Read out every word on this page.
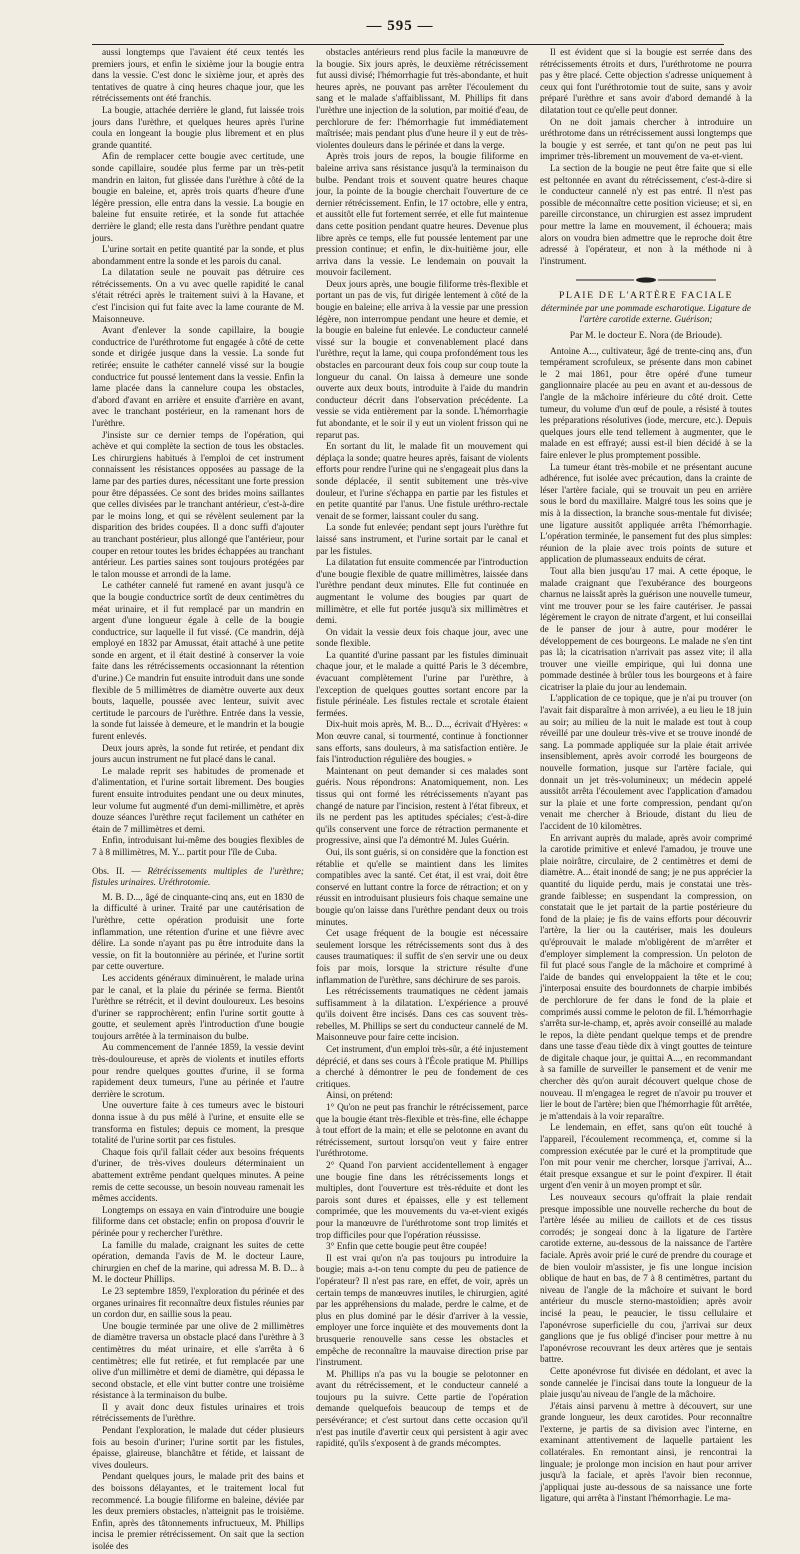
— 595 —

aussi longtemps que l'avaient été ceux tentés les premiers jours, et enfin le sixième jour la bougie entra dans la vessie. C'est donc le sixième jour, et après des tentatives de quatre à cinq heures chaque jour, que les rétrécissements ont été franchis.

La bougie, attachée derrière le gland, fut laissée trois jours dans l'urèthre, et quelques heures après l'urine coula en longeant la bougie plus librement et en plus grande quantité.

Afin de remplacer cette bougie avec certitude, une sonde capillaire, soudée plus ferme par un très-petit mandrin en laiton, fut glissée dans l'urèthre à côté de la bougie en baleine, et, après trois quarts d'heure d'une légère pression, elle entra dans la vessie. La bougie en baleine fut ensuite retirée, et la sonde fut attachée derrière le gland; elle resta dans l'urèthre pendant quatre jours.

L'urine sortait en petite quantité par la sonde, et plus abondamment entre la sonde et les parois du canal.

La dilatation seule ne pouvait pas détruire ces rétrécissements. On a vu avec quelle rapidité le canal s'était rétréci après le traitement suivi à la Havane, et c'est l'incision qui fut faite avec la lame courante de M. Maisonneuve.

Avant d'enlever la sonde capillaire, la bougie conductrice de l'uréthrotome fut engagée à côté de cette sonde et dirigée jusque dans la vessie. La sonde fut retirée; ensuite le cathéter cannelé vissé sur la bougie conductrice fut poussé lentement dans la vessie. Enfin la lame placée dans la cannelure coupa les obstacles, d'abord d'avant en arrière et ensuite d'arrière en avant, avec le tranchant postérieur, en la ramenant hors de l'urèthre.

J'insiste sur ce dernier temps de l'opération, qui achève et qui complète la section de tous les obstacles. Les chirurgiens habitués à l'emploi de cet instrument connaissent les résistances opposées au passage de la lame par des parties dures, nécessitant une forte pression pour être dépassées. Ce sont des brides moins saillantes que celles divisées par le tranchant antérieur, c'est-à-dire par le moins long, et qui se révèlent seulement par la disparition des brides coupées. Il a donc suffi d'ajouter au tranchant postérieur, plus allongé que l'antérieur, pour couper en retour toutes les brides échappées au tranchant antérieur. Les parties saines sont toujours protégées par le talon mousse et arrondi de la lame.

Le cathéter cannelé fut ramené en avant jusqu'à ce que la bougie conductrice sortît de deux centimètres du méat urinaire, et il fut remplacé par un mandrin en argent d'une longueur égale à celle de la bougie conductrice, sur laquelle il fut vissé. (Ce mandrin, déjà employé en 1832 par Amussat, était attaché à une petite sonde en argent, et il était destiné à conserver la voie faite dans les rétrécissements occasionnant la rétention d'urine.) Ce mandrin fut ensuite introduit dans une sonde flexible de 5 millimètres de diamètre ouverte aux deux bouts, laquelle, poussée avec lenteur, suivit avec certitude le parcours de l'urèthre. Entrée dans la vessie, la sonde fut laissée à demeure, et le mandrin et la bougie furent enlevés.

Deux jours après, la sonde fut retirée, et pendant dix jours aucun instrument ne fut placé dans le canal.

Le malade reprit ses habitudes de promenade et d'alimentation, et l'urine sortait librement. Des bougies furent ensuite introduites pendant une ou deux minutes, leur volume fut augmenté d'un demi-millimètre, et après douze séances l'urèthre reçut facilement un cathéter en étain de 7 millimètres et demi.

Enfin, introduisant lui-même des bougies flexibles de 7 à 8 millimètres, M. Y... partit pour l'île de Cuba.

Obs. II. — Rétrécissements multiples de l'urèthre; fistules urinaires. Uréthrotomie.

M. B. D..., âgé de cinquante-cinq ans, eut en 1830 de la difficulté à uriner. Traité par une cautérisation de l'urèthre, cette opération produisit une forte inflammation, une rétention d'urine et une fièvre avec délire. La sonde n'ayant pas pu être introduite dans la vessie, on fit la boutonnière au périnée, et l'urine sortit par cette ouverture.

Les accidents généraux diminuèrent, le malade urina par le canal, et la plaie du périnée se ferma. Bientôt l'urèthre se rétrécit, et il devint douloureux. Les besoins d'uriner se rapprochèrent; enfin l'urine sortit goutte à goutte, et seulement après l'introduction d'une bougie toujours arrêtée à la terminaison du bulbe.

Au commencement de l'année 1859, la vessie devint très-douloureuse, et après de violents et inutiles efforts pour rendre quelques gouttes d'urine, il se forma rapidement deux tumeurs, l'une au périnée et l'autre derrière le scrotum.

Une ouverture faite à ces tumeurs avec le bistouri donna issue à du pus mêlé à l'urine, et ensuite elle se transforma en fistules; depuis ce moment, la presque totalité de l'urine sortit par ces fistules.

Chaque fois qu'il fallait céder aux besoins fréquents d'uriner, de très-vives douleurs déterminaient un abattement extrême pendant quelques minutes. A peine remis de cette secousse, un besoin nouveau ramenait les mêmes accidents.

Longtemps on essaya en vain d'introduire une bougie filiforme dans cet obstacle; enfin on proposa d'ouvrir le périnée pour y rechercher l'urèthre.

La famille du malade, craignant les suites de cette opération, demanda l'avis de M. le docteur Laure, chirurgien en chef de la marine, qui adressa M. B. D... à M. le docteur Phillips.

Le 23 septembre 1859, l'exploration du périnée et des organes urinaires fit reconnaître deux fistules réunies par un cordon dur, en saillie sous la peau.

Une bougie terminée par une olive de 2 millimètres de diamètre traversa un obstacle placé dans l'urèthre à 3 centimètres du méat urinaire, et elle s'arrêta à 6 centimètres; elle fut retirée, et fut remplacée par une olive d'un millimètre et demi de diamètre, qui dépassa le second obstacle, et elle vint butter contre une troisième résistance à la terminaison du bulbe.

Il y avait donc deux fistules urinaires et trois rétrécissements de l'urèthre.

Pendant l'exploration, le malade dut céder plusieurs fois au besoin d'uriner; l'urine sortit par les fistules, épaisse, glaireuse, blanchâtre et fétide, et laissant de vives douleurs.

Pendant quelques jours, le malade prit des bains et des boissons délayantes, et le traitement local fut recommencé. La bougie filiforme en baleine, déviée par les deux premiers obstacles, n'atteignit pas le troisième. Enfin, après des tâtonnements infructueux, M. Phillips incisa le premier rétrécissement. On sait que la section isolée des

obstacles antérieurs rend plus facile la manœuvre de la bougie. Six jours après, le deuxième rétrécissement fut aussi divisé; l'hémorrhagie fut très-abondante, et huit heures après, ne pouvant pas arrêter l'écoulement du sang et le malade s'affaiblissant, M. Phillips fit dans l'urèthre une injection de la solution, par moitié d'eau, de perchlorure de fer: l'hémorrhagie fut immédiatement maîtrisée; mais pendant plus d'une heure il y eut de très-violentes douleurs dans le périnée et dans la verge.

Après trois jours de repos, la bougie filiforme en baleine arriva sans résistance jusqu'à la terminaison du bulbe. Pendant trois et souvent quatre heures chaque jour, la pointe de la bougie cherchait l'ouverture de ce dernier rétrécissement. Enfin, le 17 octobre, elle y entra, et aussitôt elle fut fortement serrée, et elle fut maintenue dans cette position pendant quatre heures. Devenue plus libre après ce temps, elle fut poussée lentement par une pression continue; et enfin, le dix-huitième jour, elle arriva dans la vessie. Le lendemain on pouvait la mouvoir facilement.

Deux jours après, une bougie filiforme très-flexible et portant un pas de vis, fut dirigée lentement à côté de la bougie en baleine; elle arriva à la vessie par une pression légère, non interrompue pendant une heure et demie, et la bougie en baleine fut enlevée. Le conducteur cannelé vissé sur la bougie et convenablement placé dans l'urèthre, reçut la lame, qui coupa profondément tous les obstacles en parcourant deux fois coup sur coup toute la longueur du canal. On laissa à demeure une sonde ouverte aux deux bouts, introduite à l'aide du mandrin conducteur décrit dans l'observation précédente. La vessie se vida entièrement par la sonde. L'hémorrhagie fut abondante, et le soir il y eut un violent frisson qui ne reparut pas.

En sortant du lit, le malade fit un mouvement qui déplaça la sonde; quatre heures après, faisant de violents efforts pour rendre l'urine qui ne s'engageait plus dans la sonde déplacée, il sentit subitement une très-vive douleur, et l'urine s'échappa en partie par les fistules et en petite quantité par l'anus. Une fistule uréthro-rectale venait de se former, laissant couler du sang.

La sonde fut enlevée; pendant sept jours l'urèthre fut laissé sans instrument, et l'urine sortait par le canal et par les fistules.

La dilatation fut ensuite commencée par l'introduction d'une bougie flexible de quatre millimètres, laissée dans l'urèthre pendant deux minutes. Elle fut continuée en augmentant le volume des bougies par quart de millimètre, et elle fut portée jusqu'à six millimètres et demi.

On vidait la vessie deux fois chaque jour, avec une sonde flexible.

La quantité d'urine passant par les fistules diminuait chaque jour, et le malade a quitté Paris le 3 décembre, évacuant complètement l'urine par l'urèthre, à l'exception de quelques gouttes sortant encore par la fistule périnéale. Les fistules rectale et scrotale étaient fermées.

Dix-huit mois après, M. B... D..., écrivait d'Hyères: « Mon œuvre canal, si tourmenté, continue à fonctionner sans efforts, sans douleurs, à ma satisfaction entière. Je fais l'introduction régulière des bougies. »

Maintenant on peut demander si ces malades sont guéris. Nous répondrons: Anatomiquement, non. Les tissus qui ont formé les rétrécissements n'ayant pas changé de nature par l'incision, restent à l'état fibreux, et ils ne perdent pas les aptitudes spéciales; c'est-à-dire qu'ils conservent une force de rétraction permanente et progressive, ainsi que l'a démontré M. Jules Guérin.

Oui, ils sont guéris, si on considère que la fonction est rétablie et qu'elle se maintient dans les limites compatibles avec la santé. Cet état, il est vrai, doit être conservé en luttant contre la force de rétraction; et on y réussit en introduisant plusieurs fois chaque semaine une bougie qu'on laisse dans l'urèthre pendant deux ou trois minutes.

Cet usage fréquent de la bougie est nécessaire seulement lorsque les rétrécissements sont dus à des causes traumatiques: il suffit de s'en servir une ou deux fois par mois, lorsque la stricture résulte d'une inflammation de l'urèthre, sans déchirure de ses parois.

Les rétrécissements traumatiques ne cèdent jamais suffisamment à la dilatation. L'expérience a prouvé qu'ils doivent être incisés. Dans ces cas souvent très-rebelles, M. Phillips se sert du conducteur cannelé de M. Maisonneuve pour faire cette incision.

Cet instrument, d'un emploi très-sûr, a été injustement déprécié, et dans ses cours à l'École pratique M. Phillips a cherché à démontrer le peu de fondement de ces critiques.

Ainsi, on prétend:

1° Qu'on ne peut pas franchir le rétrécissement, parce que la bougie étant très-flexible et très-fine, elle échappe à tout effort de la main; et elle se pelotonne en avant du rétrécissement, surtout lorsqu'on veut y faire entrer l'uréthrotome.

2° Quand l'on parvient accidentellement à engager une bougie fine dans les rétrécissements longs et multiples, dont l'ouverture est très-réduite et dont les parois sont dures et épaisses, elle y est tellement comprimée, que les mouvements du va-et-vient exigés pour la manœuvre de l'uréthrotome sont trop limités et trop difficiles pour que l'opération réussisse.

3° Enfin que cette bougie peut être coupée!

Il est vrai qu'on n'a pas toujours pu introduire la bougie; mais a-t-on tenu compte du peu de patience de l'opérateur? Il n'est pas rare, en effet, de voir, après un certain temps de manœuvres inutiles, le chirurgien, agité par les appréhensions du malade, perdre le calme, et de plus en plus dominé par le désir d'arriver à la vessie, employer une force inquiète et des mouvements dont la brusquerie renouvelle sans cesse les obstacles et empêche de reconnaître la mauvaise direction prise par l'instrument.

M. Phillips n'a pas vu la bougie se pelotonner en avant du rétrécissement, et le conducteur cannelé a toujours pu la suivre. Cette partie de l'opération demande quelquefois beaucoup de temps et de persévérance; et c'est surtout dans cette occasion qu'il n'est pas inutile d'avertir ceux qui persistent à agir avec rapidité, qu'ils s'exposent à de grands mécomptes.

Il est évident que si la bougie est serrée dans des rétrécissements étroits et durs, l'uréthrotome ne pourra pas y être placé. Cette objection s'adresse uniquement à ceux qui font l'uréthrotomie tout de suite, sans y avoir préparé l'urèthre et sans avoir d'abord demandé à la dilatation tout ce qu'elle peut donner.

On ne doit jamais chercher à introduire un uréthrotome dans un rétrécissement aussi longtemps que la bougie y est serrée, et tant qu'on ne peut pas lui imprimer très-librement un mouvement de va-et-vient.

La section de la bougie ne peut être faite que si elle est peltonnée en avant du rétrécissement, c'est-à-dire si le conducteur cannelé n'y est pas entré. Il n'est pas possible de méconnaître cette position vicieuse; et si, en pareille circonstance, un chirurgien est assez imprudent pour mettre la lame en mouvement, il échouera; mais alors on voudra bien admettre que le reproche doit être adressé à l'opérateur, et non à la méthode ni à l'instrument.

PLAIE DE L'ARTÈRE FACIALE
déterminée par une pommade escharotique. Ligature de l'artère carotide externe. Guérison;
Par M. le docteur E. Nora (de Brioude).

Antoine A..., cultivateur, âgé de trente-cinq ans, d'un tempérament scrofuleux, se présente dans mon cabinet le 2 mai 1861, pour être opéré d'une tumeur ganglionnaire placée au peu en avant et au-dessous de l'angle de la mâchoire inférieure du côté droit. Cette tumeur, du volume d'un œuf de poule, a résisté à toutes les préparations résolutives (iode, mercure, etc.). Depuis quelques jours elle tend tellement à augmenter, que le malade en est effrayé; aussi est-il bien décidé à se la faire enlever le plus promptement possible.

La tumeur étant très-mobile et ne présentant aucune adhérence, fut isolée avec précaution, dans la crainte de léser l'artère faciale, qui se trouvait un peu en arrière sous le bord du maxillaire. Malgré tous les soins que je mis à la dissection, la branche sous-mentale fut divisée; une ligature aussitôt appliquée arrêta l'hémorrhagie. L'opération terminée, le pansement fut des plus simples: réunion de la plaie avec trois points de suture et application de plumasseaux enduits de cérat.

Tout alla bien jusqu'au 17 mai. A cette époque, le malade craignant que l'exubérance des bourgeons charnus ne laissât après la guérison une nouvelle tumeur, vint me trouver pour se les faire cautériser. Je passai légèrement le crayon de nitrate d'argent, et lui conseillai de le panser de jour à autre, pour modérer le développement de ces bourgeons. Le malade ne s'en tint pas là; la cicatrisation n'arrivait pas assez vite; il alla trouver une vieille empirique, qui lui donna une pommade destinée à brûler tous les bourgeons et à faire cicatriser la plaie du jour au lendemain.

L'application de ce topique, que je n'ai pu trouver (on l'avait fait disparaître à mon arrivée), a eu lieu le 18 juin au soir; au milieu de la nuit le malade est tout à coup réveillé par une douleur très-vive et se trouve inondé de sang. La pommade appliquée sur la plaie était arrivée insensiblement, après avoir corrodé les bourgeons de nouvelle formation, jusque sur l'artère faciale, qui donnait un jet très-volumineux; un médecin appelé aussitôt arrêta l'écoulement avec l'application d'amadou sur la plaie et une forte compression, pendant qu'on venait me chercher à Brioude, distant du lieu de l'accident de 10 kilomètres.

En arrivant auprès du malade, après avoir comprimé la carotide primitive et enlevé l'amadou, je trouve une plaie noirâtre, circulaire, de 2 centimètres et demi de diamètre. A... était inondé de sang; je ne pus apprécier la quantité du liquide perdu, mais je constatai une très-grande faiblesse; en suspendant la compression, on constatait que le jet partait de la partie postérieure du fond de la plaie; je fis de vains efforts pour découvrir l'artère, la lier ou la cautériser, mais les douleurs qu'éprouvait le malade m'obligèrent de m'arrêter et d'employer simplement la compression. Un peloton de fil fut placé sous l'angle de la mâchoire et comprimé à l'aide de bandes qui enveloppaient la tête et le cou; j'interposai ensuite des bourdonnets de charpie imbibés de perchlorure de fer dans le fond de la plaie et comprimés aussi comme le peloton de fil. L'hémorrhagie s'arrêta sur-le-champ, et, après avoir conseillé au malade le repos, la diète pendant quelque temps et de prendre dans une tasse d'eau tiède dix à vingt gouttes de teinture de digitale chaque jour, je quittai A..., en recommandant à sa famille de surveiller le pansement et de venir me chercher dès qu'on aurait découvert quelque chose de nouveau. Il m'engagea le regret de n'avoir pu trouver et lier le bout de l'artère; bien que l'hémorrhagie fût arrêtée, je m'attendais à la voir reparaître.

Le lendemain, en effet, sans qu'on eût touché à l'appareil, l'écoulement recommença, et, comme si la compression exécutée par le curé et la promptitude que l'on mit pour venir me chercher, lorsque j'arrivai, A... était presque exsangue et sur le point d'expirer. Il était urgent d'en venir à un moyen prompt et sûr.

Les nouveaux secours qu'offrait la plaie rendait presque impossible une nouvelle recherche du bout de l'artère lésée au milieu de caillots et de ces tissus corrodés; je songeai donc à la ligature de l'artère carotide externe, au-dessous de la naissance de l'artère faciale. Après avoir prié le curé de prendre du courage et de bien vouloir m'assister, je fis une longue incision oblique de haut en bas, de 7 à 8 centimètres, partant du niveau de l'angle de la mâchoire et suivant le bord antérieur du muscle sterno-mastoïdien; après avoir incisé la peau, le peaucier, le tissu cellulaire et l'aponévrose superficielle du cou, j'arrivai sur deux ganglions que je fus obligé d'inciser pour mettre à nu l'aponévrose recouvrant les deux artères que je sentais battre.

Cette aponévrose fut divisée en dédolant, et avec la sonde cannelée je l'incisai dans toute la longueur de la plaie jusqu'au niveau de l'angle de la mâchoire.

J'étais ainsi parvenu à mettre à découvert, sur une grande longueur, les deux carotides. Pour reconnaître l'externe, je partis de sa division avec l'interne, en examinant attentivement de laquelle partaient les collatérales. En remontant ainsi, je rencontrai la linguale; je prolonge mon incision en haut pour arriver jusqu'à la faciale, et après l'avoir bien reconnue, j'appliquai juste au-dessous de sa naissance une forte ligature, qui arrêta à l'instant l'hémorrhagie. Le ma-
